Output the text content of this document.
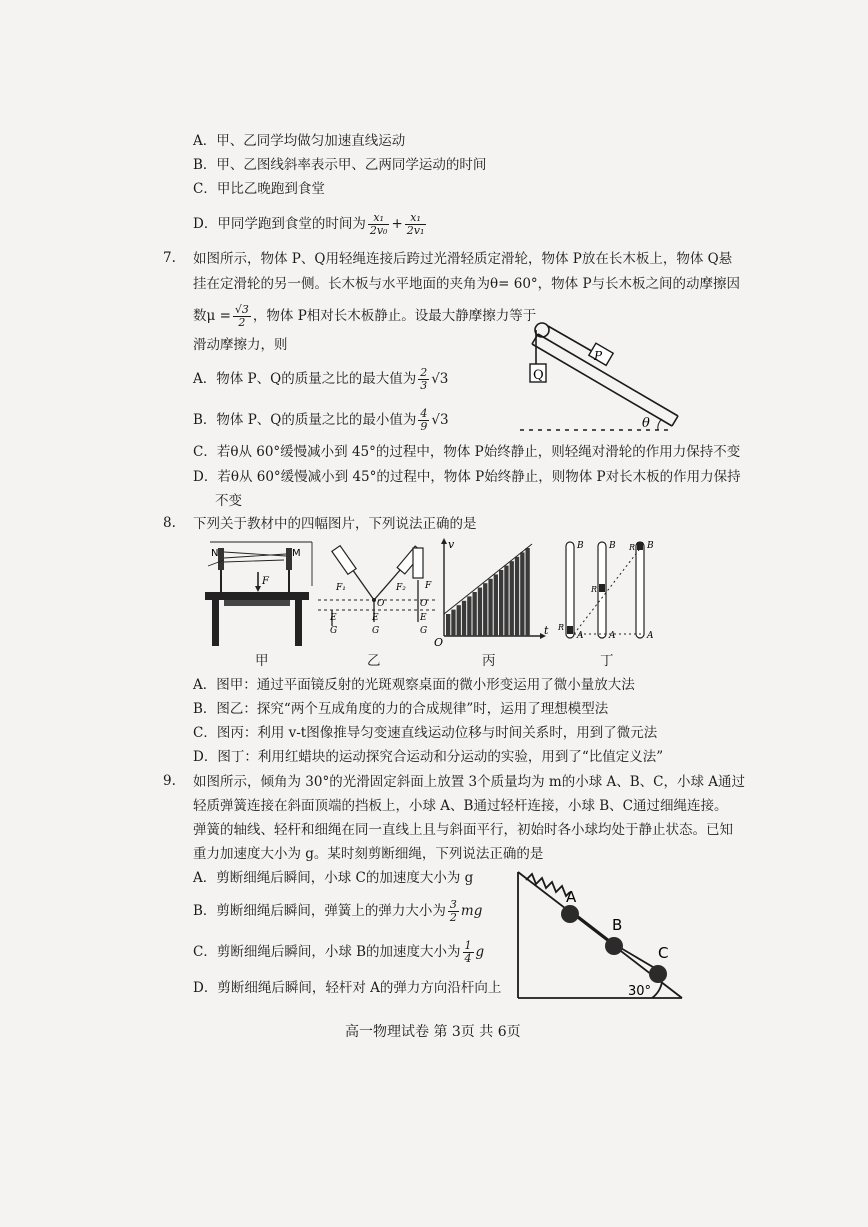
A．甲、乙同学均做匀加速直线运动
B．甲、乙图线斜率表示甲、乙两同学运动的时间
C．甲比乙晚跑到食堂
D．甲同学跑到食堂的时间为 $\frac{\text{x₁}}{\text{2v₀}} + \frac{\text{x₁}}{\text{2v₁}}$
7. 如图所示，物体 P、Q用轻绳连接后跨过光滑轻质定滑轮，物体 P放在长木板上，物体 Q悬
挂在定滑轮的另一侧。长木板与水平地面的夹角为θ= 60°，物体 P与长木板之间的动摩擦因
数$\mu = \frac{√3}{2}$ ，物体 P相对长木板静止。设最大静摩擦力等于
滑动摩擦力，则
A．物体 P、Q的质量之比的最大值为 $\frac{2}{3} √3$
B．物体 P、Q的质量之比的最小值为 $\frac{4}{9} √3$
C．若θ从 60°缓慢减小到 45°的过程中，物体 P始终静止，则轻绳对滑轮的作用力保持不变
D．若θ从 60°缓慢减小到 45°的过程中，物体 P始终静止，则物体 P对长木板的作用力保持
不变
Q
P
θ
8. 下列关于教材中的四幅图片，下列说法正确的是
N	M
F
F₁	F₂ F
O	O
E	E	E
G	G	G
v
t
O
B	B	B
A	A	A
R
R
R
甲	乙	丙	丁
A．图甲：通过平面镜反射的光斑观察桌面的微小形变运用了微小量放大法
B．图乙：探究“两个互成角度的力的合成规律”时，运用了理想模型法
C．图丙：利用 v-t图像推导匀变速直线运动位移与时间关系时，用到了微元法
D．图丁：利用红蜡块的运动探究合运动和分运动的实验，用到了“比值定义法”
9. 如图所示，倾角为 30°的光滑固定斜面上放置 3个质量均为 m的小球 A、B、C，小球 A通过
轻质弹簧连接在斜面顶端的挡板上，小球 A、B通过轻杆连接，小球 B、C通过细绳连接。
弹簧的轴线、轻杆和细绳在同一直线上且与斜面平行，初始时各小球均处于静止状态。已知
重力加速度大小为 g。某时刻剪断细绳，下列说法正确的是
A．剪断细绳后瞬间，小球 C的加速度大小为 g
B．剪断细绳后瞬间，弹簧上的弹力大小为 $\frac{3}{2}$ mg
C．剪断细绳后瞬间，小球 B的加速度大小为 $\frac{1}{4}$ g
D．剪断细绳后瞬间，轻杆对 A的弹力方向沿杆向上
A
B
C
30°
高一物理试卷 第 3页 共 6页
